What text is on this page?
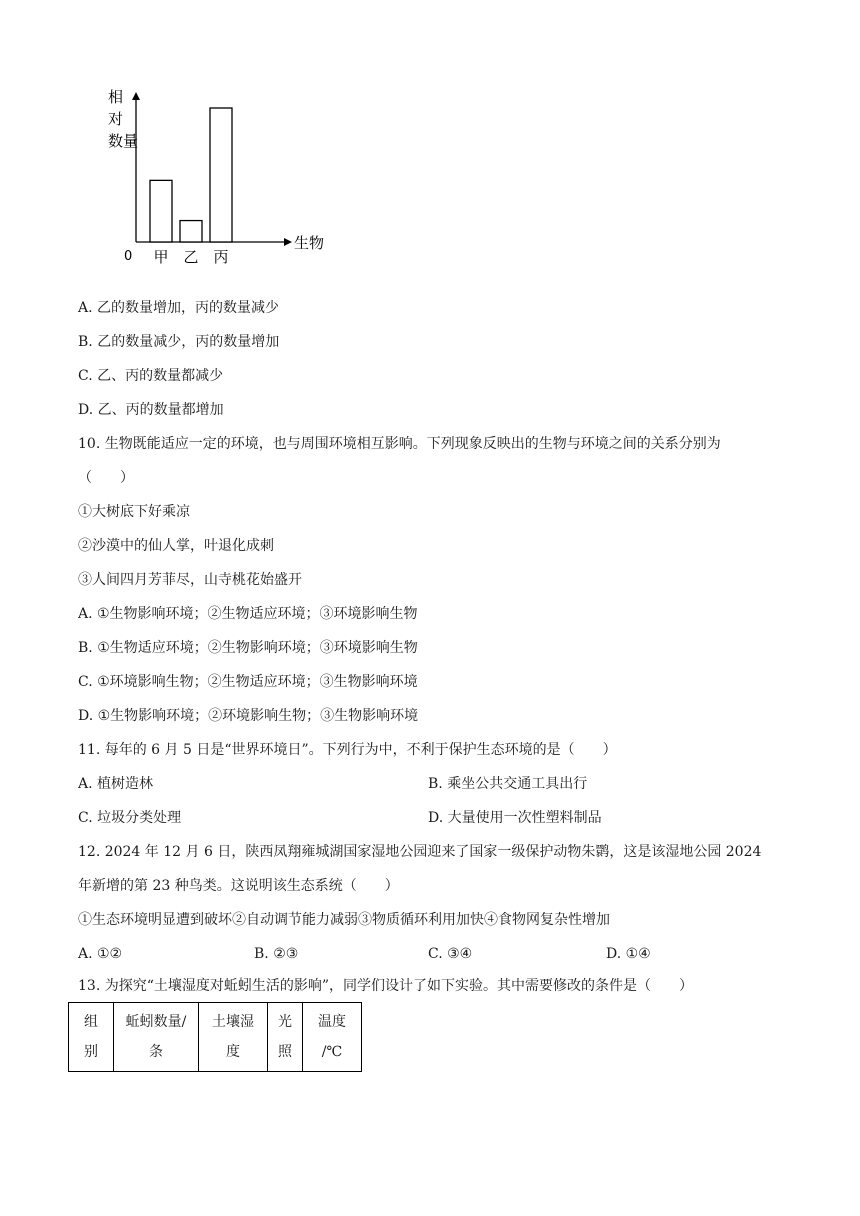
相对数量
生物
0 甲 乙 丙
A. 乙的数量增加，丙的数量减少
B. 乙的数量减少，丙的数量增加
C. 乙、丙的数量都减少
D. 乙、丙的数量都增加
10. 生物既能适应一定的环境，也与周围环境相互影响。下列现象反映出的生物与环境之间的关系分别为
（　　）
①大树底下好乘凉
②沙漠中的仙人掌，叶退化成刺
③人间四月芳菲尽，山寺桃花始盛开
A. ①生物影响环境；②生物适应环境；③环境影响生物
B. ①生物适应环境；②生物影响环境；③环境影响生物
C. ①环境影响生物；②生物适应环境；③生物影响环境
D. ①生物影响环境；②环境影响生物；③生物影响环境
11. 每年的 6 月 5 日是“世界环境日”。下列行为中，不利于保护生态环境的是（　　）
A. 植树造林	B. 乘坐公共交通工具出行
C. 垃圾分类处理	D. 大量使用一次性塑料制品
12. 2024 年 12 月 6 日，陕西凤翔雍城湖国家湿地公园迎来了国家一级保护动物朱鹮，这是该湿地公园 2024
年新增的第 23 种鸟类。这说明该生态系统（　　）
①生态环境明显遭到破坏②自动调节能力减弱③物质循环利用加快④食物网复杂性增加
A. ①②	B. ②③	C. ③④	D. ①④
13. 为探究“土壤湿度对蚯蚓生活的影响”，同学们设计了如下实验。其中需要修改的条件是（　　）
组
别

蚯蚓数量/
条

土壤湿
度

光
照

温度
/℃
